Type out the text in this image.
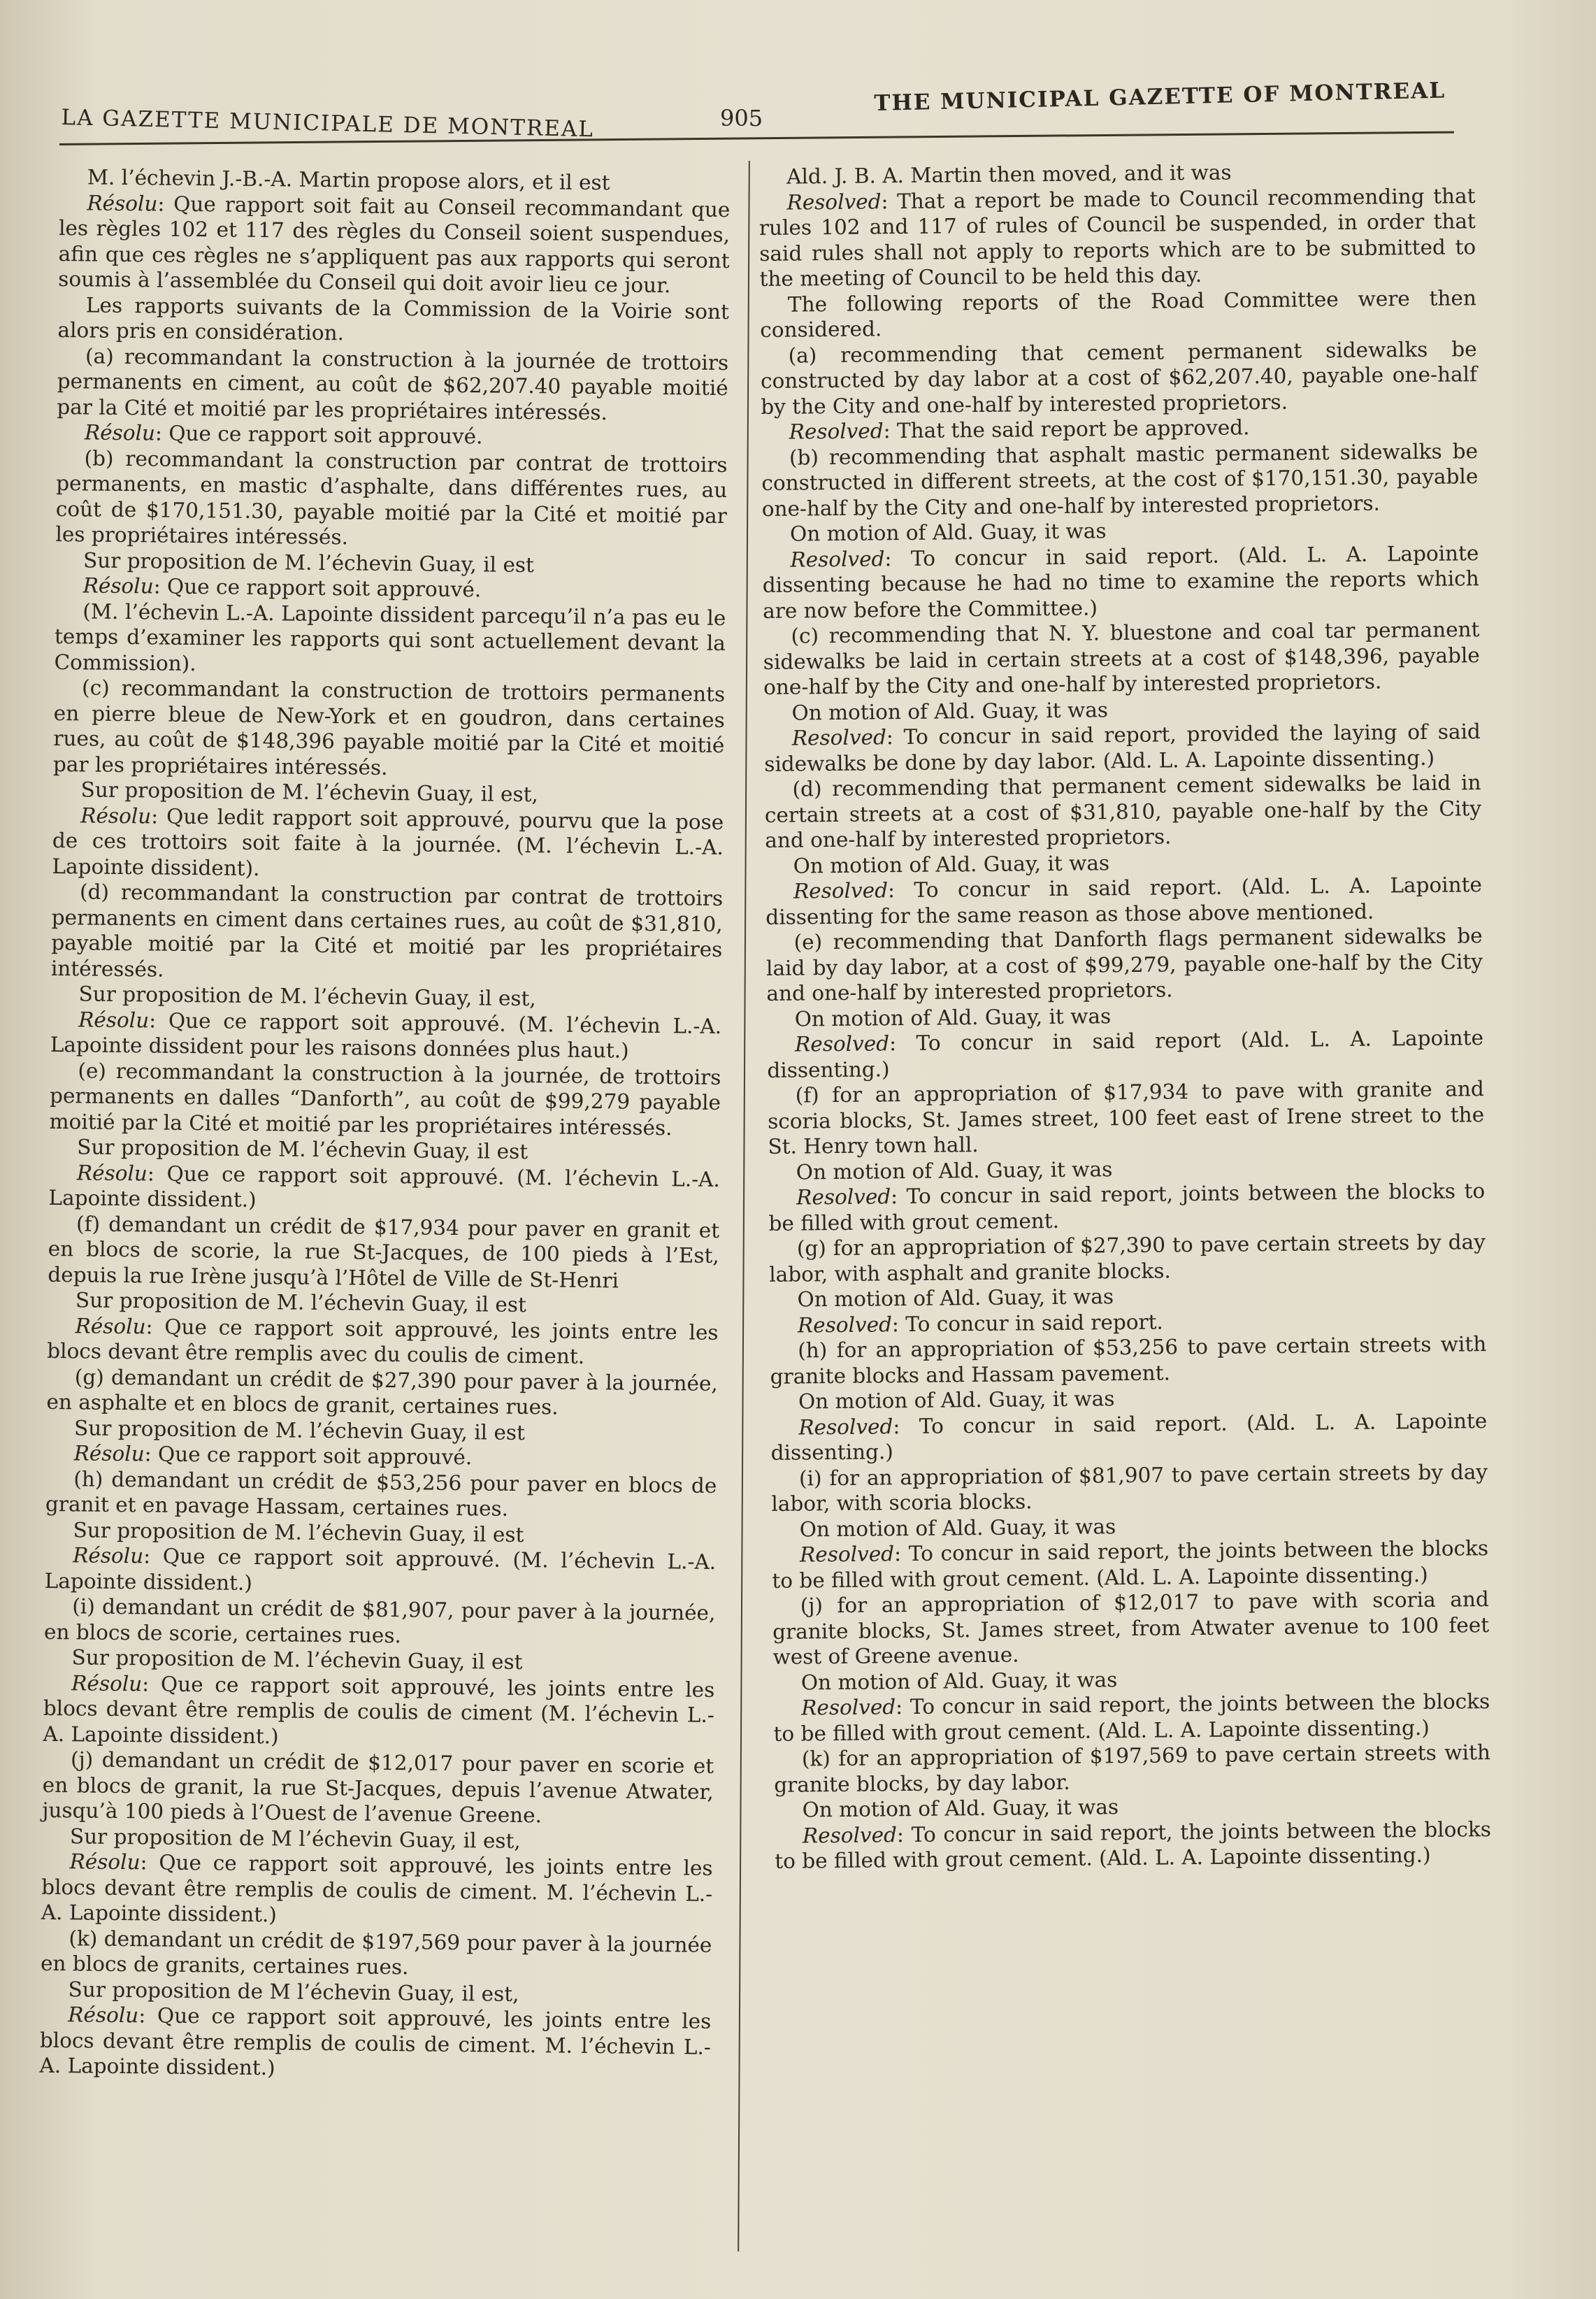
LA GAZETTE MUNICIPALE DE MONTREAL	905
THE MUNICIPAL GAZETTE OF MONTREAL

M. l’échevin J.-B.-A. Martin propose alors, et il est

Résolu: Que rapport soit fait au Conseil recommandant que les règles 102 et 117 des règles du Conseil soient suspendues, afin que ces règles ne s’appliquent pas aux rapports qui seront soumis à l’assemblée du Conseil qui doit avoir lieu ce jour.

Les rapports suivants de la Commission de la Voirie sont alors pris en considération.

(a) recommandant la construction à la journée de trottoirs permanents en ciment, au coût de $62,207.40 payable moitié par la Cité et moitié par les propriétaires intéressés.

Résolu: Que ce rapport soit approuvé.

(b) recommandant la construction par contrat de trottoirs permanents, en mastic d’asphalte, dans différentes rues, au coût de $170,151.30, payable moitié par la Cité et moitié par les propriétaires intéressés.

Sur proposition de M. l’échevin Guay, il est

Résolu: Que ce rapport soit approuvé.

(M. l’échevin L.-A. Lapointe dissident parcequ’il n’a pas eu le temps d’examiner les rapports qui sont actuellement devant la Commission).

(c) recommandant la construction de trottoirs permanents en pierre bleue de New-York et en goudron, dans certaines rues, au coût de $148,396 payable moitié par la Cité et moitié par les propriétaires intéressés.

Sur proposition de M. l’échevin Guay, il est,

Résolu: Que ledit rapport soit approuvé, pourvu que la pose de ces trottoirs soit faite à la journée. (M. l’échevin L.-A. Lapointe dissident).

(d) recommandant la construction par contrat de trottoirs permanents en ciment dans certaines rues, au coût de $31,810, payable moitié par la Cité et moitié par les propriétaires intéressés.

Sur proposition de M. l’échevin Guay, il est,

Résolu: Que ce rapport soit approuvé. (M. l’échevin L.-A. Lapointe dissident pour les raisons données plus haut.)

(e) recommandant la construction à la journée, de trottoirs permanents en dalles “Danforth”, au coût de $99,279 payable moitié par la Cité et moitié par les propriétaires intéressés.

Sur proposition de M. l’échevin Guay, il est

Résolu: Que ce rapport soit approuvé. (M. l’échevin L.-A. Lapointe dissident.)

(f) demandant un crédit de $17,934 pour paver en granit et en blocs de scorie, la rue St-Jacques, de 100 pieds à l’Est, depuis la rue Irène jusqu’à l’Hôtel de Ville de St-Henri

Sur proposition de M. l’échevin Guay, il est

Résolu: Que ce rapport soit approuvé, les joints entre les blocs devant être remplis avec du coulis de ciment.

(g) demandant un crédit de $27,390 pour paver à la journée, en asphalte et en blocs de granit, certaines rues.

Sur proposition de M. l’échevin Guay, il est

Résolu: Que ce rapport soit approuvé.

(h) demandant un crédit de $53,256 pour paver en blocs de granit et en pavage Hassam, certaines rues.

Sur proposition de M. l’échevin Guay, il est

Résolu: Que ce rapport soit approuvé. (M. l’échevin L.-A. Lapointe dissident.)

(i) demandant un crédit de $81,907, pour paver à la journée, en blocs de scorie, certaines rues.

Sur proposition de M. l’échevin Guay, il est

Résolu: Que ce rapport soit approuvé, les joints entre les blocs devant être remplis de coulis de ciment (M. l’échevin L.-A. Lapointe dissident.)

(j) demandant un crédit de $12,017 pour paver en scorie et en blocs de granit, la rue St-Jacques, depuis l’avenue Atwater, jusqu’à 100 pieds à l’Ouest de l’avenue Greene.

Sur proposition de M l’échevin Guay, il est,

Résolu: Que ce rapport soit approuvé, les joints entre les blocs devant être remplis de coulis de ciment. M. l’échevin L.-A. Lapointe dissident.)

(k) demandant un crédit de $197,569 pour paver à la journée en blocs de granits, certaines rues.

Sur proposition de M l’échevin Guay, il est,

Résolu: Que ce rapport soit approuvé, les joints entre les blocs devant être remplis de coulis de ciment. M. l’échevin L.-A. Lapointe dissident.)

Ald. J. B. A. Martin then moved, and it was

Resolved: That a report be made to Council recommending that rules 102 and 117 of rules of Council be suspended, in order that said rules shall not apply to reports which are to be submitted to the meeting of Council to be held this day.

The following reports of the Road Committee were then considered.

(a) recommending that cement permanent sidewalks be constructed by day labor at a cost of $62,207.40, payable one-half by the City and one-half by interested proprietors.

Resolved: That the said report be approved.

(b) recommending that asphalt mastic permanent sidewalks be constructed in different streets, at the cost of $170,151.30, payable one-half by the City and one-half by interested proprietors.

On motion of Ald. Guay, it was

Resolved: To concur in said report. (Ald. L. A. Lapointe dissenting because he had no time to examine the reports which are now before the Committee.)

(c) recommending that N. Y. bluestone and coal tar permanent sidewalks be laid in certain streets at a cost of $148,396, payable one-half by the City and one-half by interested proprietors.

On motion of Ald. Guay, it was

Resolved: To concur in said report, provided the laying of said sidewalks be done by day labor. (Ald. L. A. Lapointe dissenting.)

(d) recommending that permanent cement sidewalks be laid in certain streets at a cost of $31,810, payable one-half by the City and one-half by interested proprietors.

On motion of Ald. Guay, it was

Resolved: To concur in said report. (Ald. L. A. Lapointe dissenting for the same reason as those above mentioned.

(e) recommending that Danforth flags permanent sidewalks be laid by day labor, at a cost of $99,279, payable one-half by the City and one-half by interested proprietors.

On motion of Ald. Guay, it was

Resolved: To concur in said report (Ald. L. A. Lapointe dissenting.)

(f) for an appropriation of $17,934 to pave with granite and scoria blocks, St. James street, 100 feet east of Irene street to the St. Henry town hall.

On motion of Ald. Guay, it was

Resolved: To concur in said report, joints between the blocks to be filled with grout cement.

(g) for an appropriation of $27,390 to pave certain streets by day labor, with asphalt and granite blocks.

On motion of Ald. Guay, it was

Resolved: To concur in said report.

(h) for an appropriation of $53,256 to pave certain streets with granite blocks and Hassam pavement.

On motion of Ald. Guay, it was

Resolved: To concur in said report. (Ald. L. A. Lapointe dissenting.)

(i) for an appropriation of $81,907 to pave certain streets by day labor, with scoria blocks.

On motion of Ald. Guay, it was

Resolved: To concur in said report, the joints between the blocks to be filled with grout cement. (Ald. L. A. Lapointe dissenting.)

(j) for an appropriation of $12,017 to pave with scoria and granite blocks, St. James street, from Atwater avenue to 100 feet west of Greene avenue.

On motion of Ald. Guay, it was

Resolved: To concur in said report, the joints between the blocks to be filled with grout cement. (Ald. L. A. Lapointe dissenting.)

(k) for an appropriation of $197,569 to pave certain streets with granite blocks, by day labor.

On motion of Ald. Guay, it was

Resolved: To concur in said report, the joints between the blocks to be filled with grout cement. (Ald. L. A. Lapointe dissenting.)
